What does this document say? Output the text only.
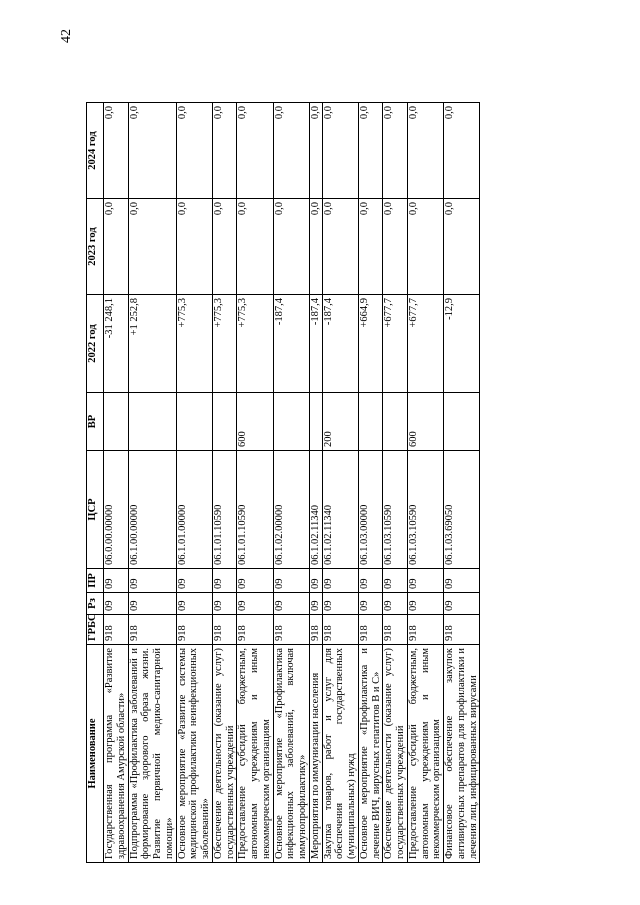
42
Наименование	ГРБС	Рз	ПР	ЦСР	ВР	2022 год	2023 год	2024 год
Государственная программа «Развитие здравоохранения Амурской области»	918	09	09	06.0.00.00000		-31 248,1	0,0	0,0
Подпрограмма «Профилактика заболеваний и формирование здорового образа жизни. Развитие первичной медико-санитарной помощи»	918	09	09	06.1.00.00000		+1 252,8	0,0	0,0
Основное мероприятие «Развитие системы медицинской профилактики неинфекционных заболеваний»	918	09	09	06.1.01.00000		+775,3	0,0	0,0
Обеспечение деятельности (оказание услуг) государственных учреждений	918	09	09	06.1.01.10590		+775,3	0,0	0,0
Предоставление субсидий бюджетным, автономным учреждениям и иным некоммерческим организациям	918	09	09	06.1.01.10590	600	+775,3	0,0	0,0
Основное мероприятие «Профилактика инфекционных заболеваний, включая иммунопрофилактику»	918	09	09	06.1.02.00000		-187,4	0,0	0,0
Мероприятия по иммунизации населения	918	09	09	06.1.02.11340		-187,4	0,0	0,0
Закупка товаров, работ и услуг для обеспечения государственных (муниципальных) нужд	918	09	09	06.1.02.11340	200	-187,4	0,0	0,0
Основное мероприятие «Профилактика и лечение ВИЧ, вирусных гепатитов В и С»	918	09	09	06.1.03.00000		+664,9	0,0	0,0
Обеспечение деятельности (оказание услуг) государственных учреждений	918	09	09	06.1.03.10590		+677,7	0,0	0,0
Предоставление субсидий бюджетным, автономным учреждениям и иным некоммерческим организациям	918	09	09	06.1.03.10590	600	+677,7	0,0	0,0
Финансовое обеспечение закупок антивирусных препаратов для профилактики и лечения лиц, инфицированных вирусами	918	09	09	06.1.03.69050		-12,9	0,0	0,0
